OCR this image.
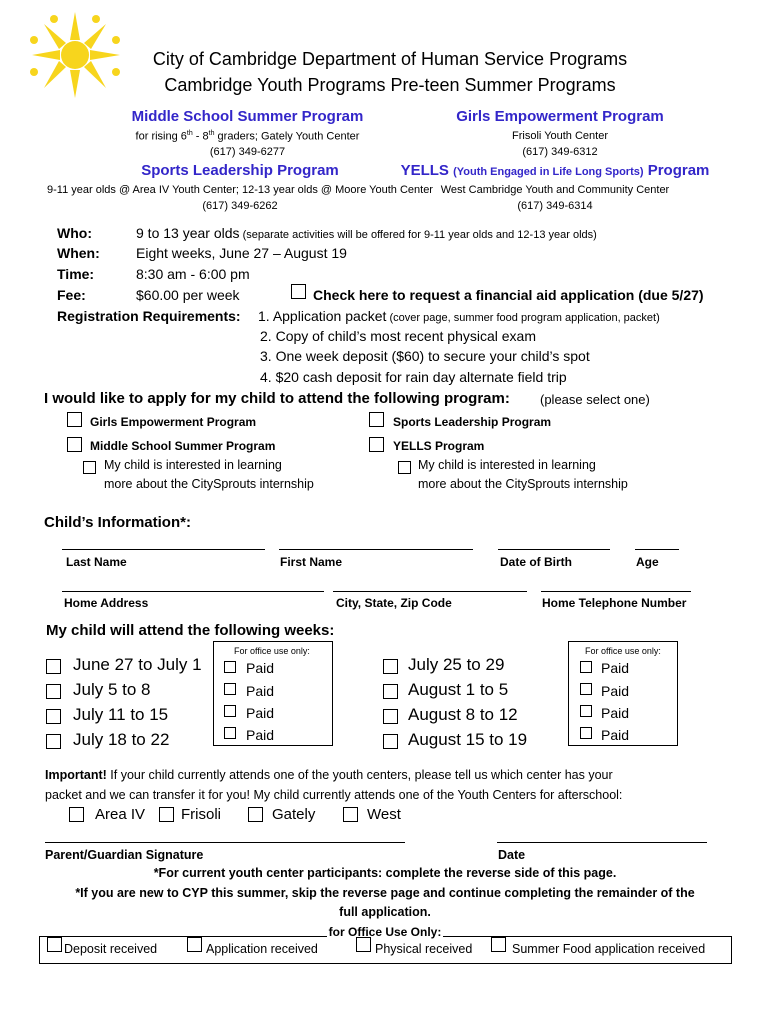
City of Cambridge Department of Human Service Programs
Cambridge Youth Programs Pre-teen Summer Programs
Middle School Summer Program
for rising 6th - 8th graders; Gately Youth Center
(617) 349-6277
Girls Empowerment Program
Frisoli Youth Center
(617) 349-6312
Sports Leadership Program
9-11 year olds @ Area IV Youth Center; 12-13 year olds @ Moore Youth Center
(617) 349-6262
YELLS (Youth Engaged in Life Long Sports) Program
West Cambridge Youth and Community Center
(617) 349-6314
Who:	9 to 13 year olds (separate activities will be offered for 9-11 year olds and 12-13 year olds)
When:	Eight weeks, June 27 – August 19
Time:	8:30 am - 6:00 pm
Fee:	$60.00 per week	Check here to request a financial aid application (due 5/27)
Registration Requirements: 1. Application packet (cover page, summer food program application, packet)
2. Copy of child’s most recent physical exam
3. One week deposit ($60) to secure your child’s spot
4. $20 cash deposit for rain day alternate field trip
I would like to apply for my child to attend the following program: (please select one)
Girls Empowerment Program	Sports Leadership Program
Middle School Summer Program	YELLS Program
My child is interested in learning
more about the CitySprouts internship
My child is interested in learning
more about the CitySprouts internship
Child’s Information*:
Last Name	First Name	Date of Birth	Age
Home Address	City, State, Zip Code	Home Telephone Number
My child will attend the following weeks:
For office use only:	For office use only:
June 27 to July 1
July 5 to 8
July 11 to 15
July 18 to 22
Paid
Paid
Paid
Paid
July 25 to 29
August 1 to 5
August 8 to 12
August 15 to 19
Paid
Paid
Paid
Paid
Important! If your child currently attends one of the youth centers, please tell us which center has your
packet and we can transfer it for you! My child currently attends one of the Youth Centers for afterschool:
Area IV Frisoli	Gately	West
Parent/Guardian Signature	Date
*For current youth center participants: complete the reverse side of this page.
*If you are new to CYP this summer, skip the reverse page and continue completing the remainder of the
full application.
for Office Use Only:
Deposit received	Application received	Physical received	Summer Food application received
